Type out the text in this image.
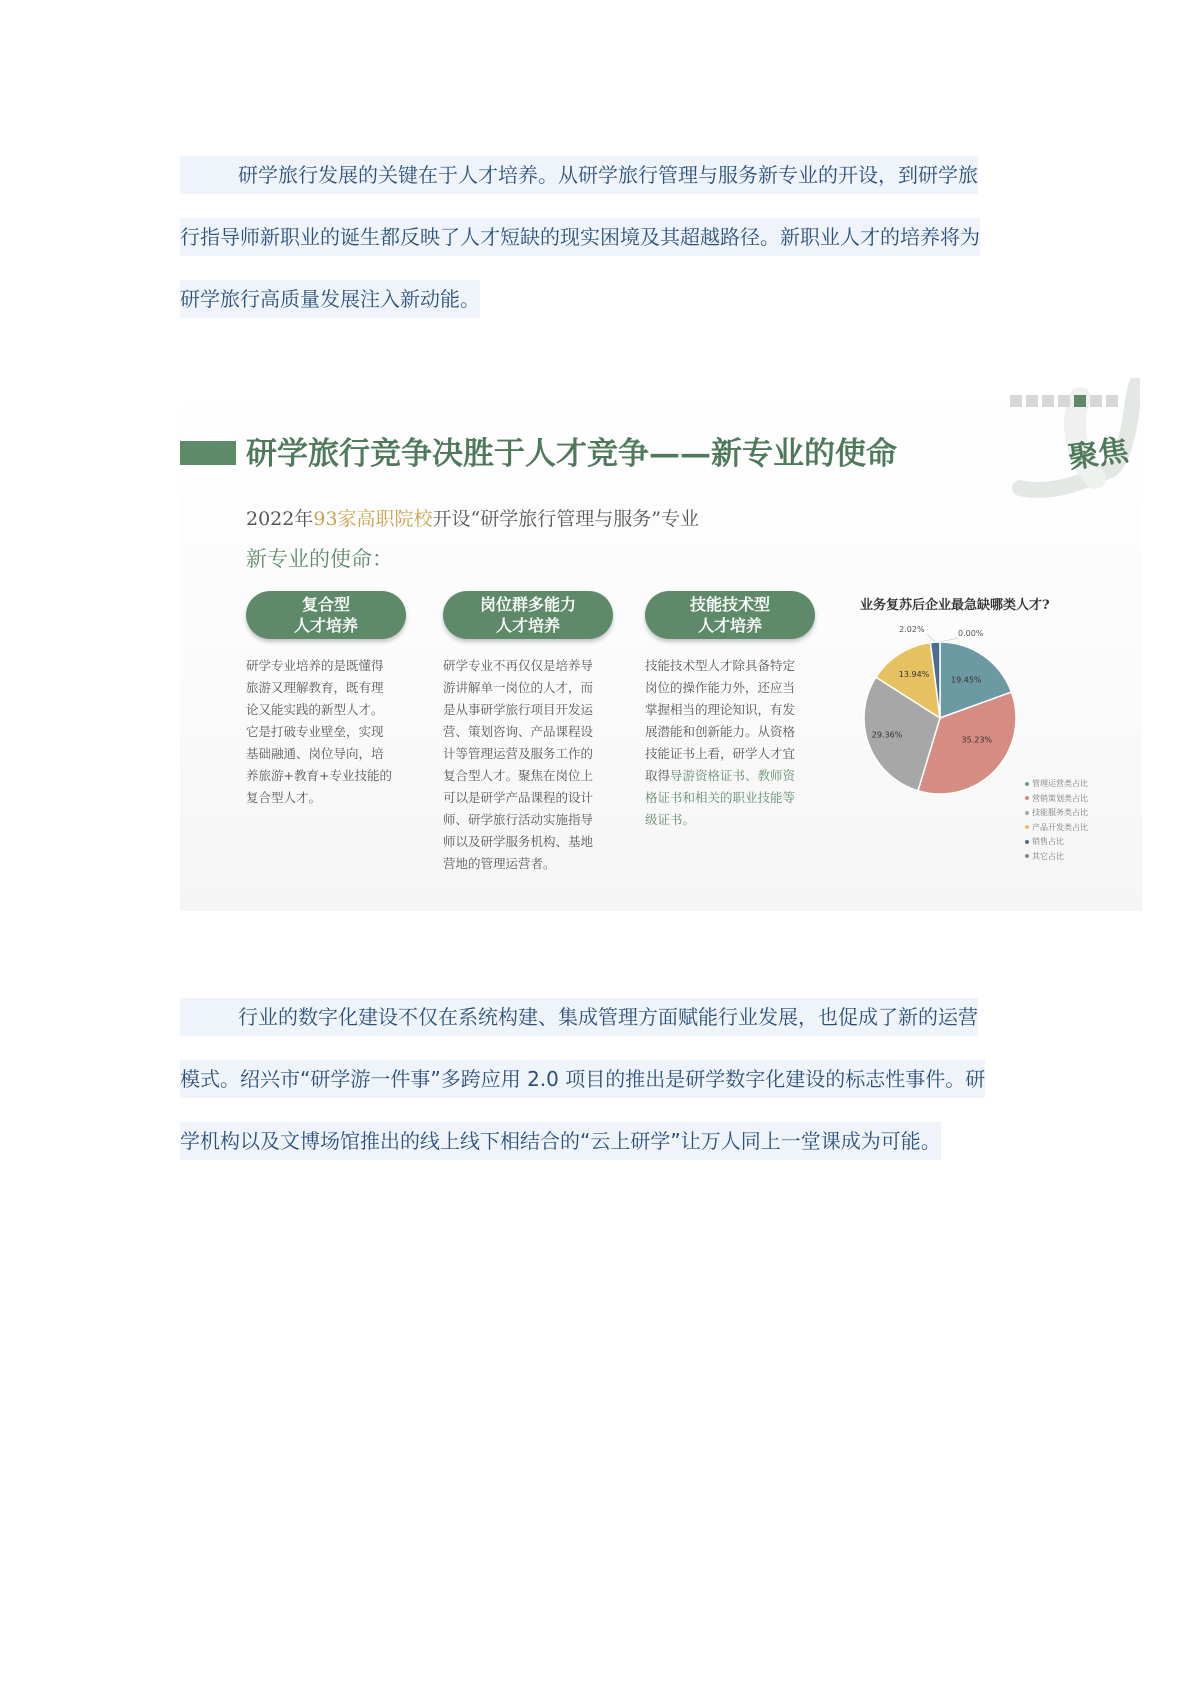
研学旅行发展的关键在于人才培养。从研学旅行管理与服务新专业的开设，到研学旅
行指导师新职业的诞生都反映了人才短缺的现实困境及其超越路径。新职业人才的培养将为
研学旅行高质量发展注入新动能。
聚焦
研学旅行竞争决胜于人才竞争——新专业的使命
2022年93家高职院校开设“研学旅行管理与服务”专业
新专业的使命：
复合型
人才培养
研学专业培养的是既懂得
旅游又理解教育，既有理
论又能实践的新型人才。
它是打破专业壁垒，实现
基础融通、岗位导向，培
养旅游+教育+专业技能的
复合型人才。
岗位群多能力
人才培养
研学专业不再仅仅是培养导
游讲解单一岗位的人才，而
是从事研学旅行项目开发运
营、策划咨询、产品课程设
计等管理运营及服务工作的
复合型人才。聚焦在岗位上
可以是研学产品课程的设计
师、研学旅行活动实施指导
师以及研学服务机构、基地
营地的管理运营者。
技能技术型
人才培养
技能技术型人才除具备特定
岗位的操作能力外，还应当
掌握相当的理论知识，有发
展潜能和创新能力。从资格
技能证书上看，研学人才宜
取得导游资格证书、教师资
格证书和相关的职业技能等
级证书。
业务复苏后企业最急缺哪类人才?
19.45%
35.23%
29.36%
13.94%
2.02%	0.00%
管理运营类占比
营销策划类占比
技能服务类占比
产品开发类占比
销售占比
其它占比
行业的数字化建设不仅在系统构建、集成管理方面赋能行业发展，也促成了新的运营
模式。绍兴市“研学游一件事”多跨应用 2.0 项目的推出是研学数字化建设的标志性事件。研
学机构以及文博场馆推出的线上线下相结合的“云上研学”让万人同上一堂课成为可能。
